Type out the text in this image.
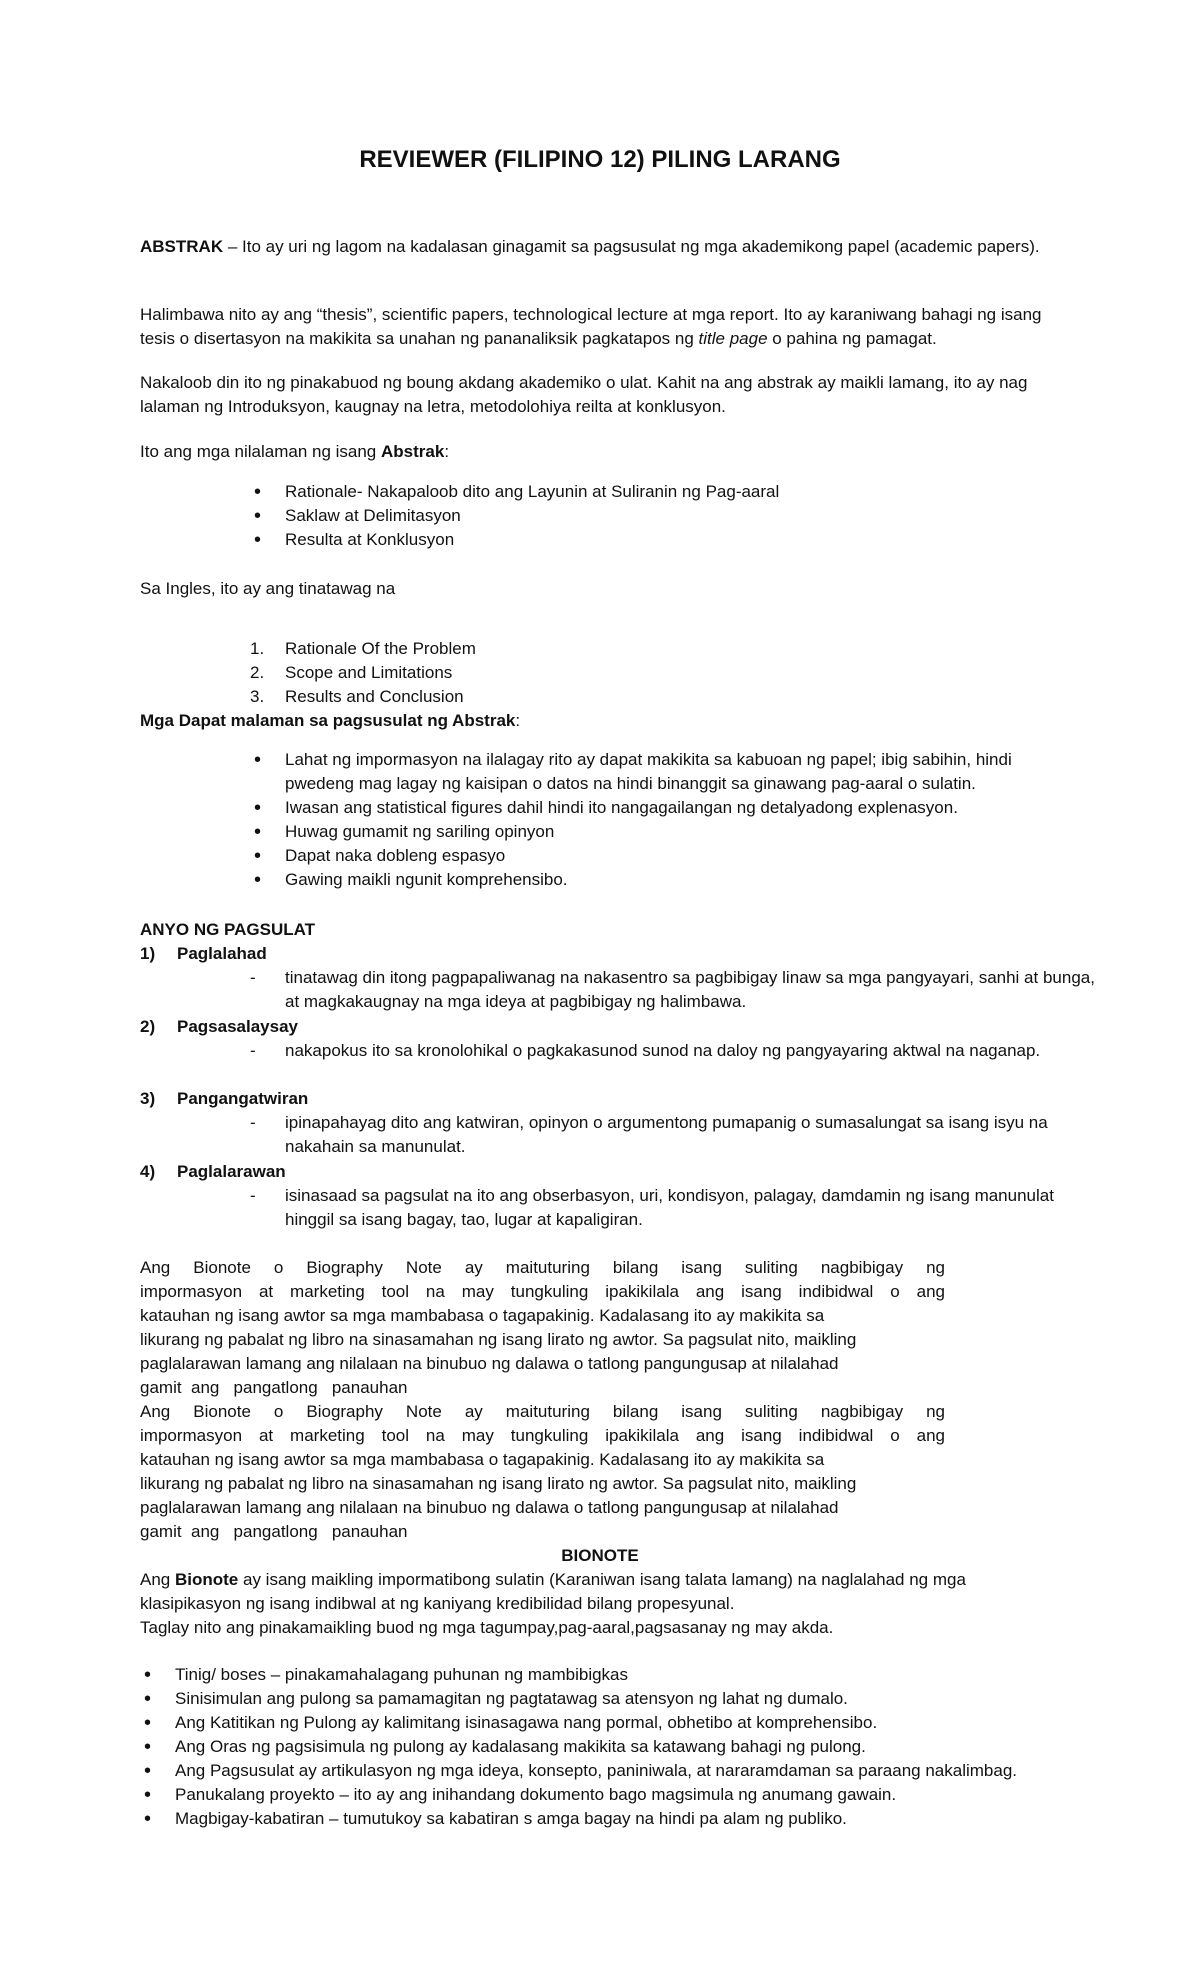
REVIEWER (FILIPINO 12) PILING LARANG

ABSTRAK – Ito ay uri ng lagom na kadalasan ginagamit sa pagsusulat ng mga akademikong papel (academic papers).

Halimbawa nito ay ang “thesis”, scientific papers, technological lecture at mga report. Ito ay karaniwang bahagi ng isang tesis o disertasyon na makikita sa unahan ng pananaliksik pagkatapos ng title page o pahina ng pamagat.

Nakaloob din ito ng pinakabuod ng boung akdang akademiko o ulat. Kahit na ang abstrak ay maikli lamang, ito ay nag lalaman ng Introduksyon, kaugnay na letra, metodolohiya reilta at konklusyon.

Ito ang mga nilalaman ng isang Abstrak:

• Rationale- Nakapaloob dito ang Layunin at Suliranin ng Pag-aaral
• Saklaw at Delimitasyon
• Resulta at Konklusyon

Sa Ingles, ito ay ang tinatawag na

1. Rationale Of the Problem
2. Scope and Limitations
3. Results and Conclusion

Mga Dapat malaman sa pagsusulat ng Abstrak:

• Lahat ng impormasyon na ilalagay rito ay dapat makikita sa kabuoan ng papel; ibig sabihin, hindi pwedeng mag lagay ng kaisipan o datos na hindi binanggit sa ginawang pag-aaral o sulatin.
• Iwasan ang statistical figures dahil hindi ito nangagailangan ng detalyadong explenasyon.
• Huwag gumamit ng sariling opinyon
• Dapat naka dobleng espasyo
• Gawing maikli ngunit komprehensibo.

ANYO NG PAGSULAT

1) Paglalahad
- tinatawag din itong pagpapaliwanag na nakasentro sa pagbibigay linaw sa mga pangyayari, sanhi at bunga, at magkakaugnay na mga ideya at pagbibigay ng halimbawa.
2) Pagsasalaysay
- nakapokus ito sa kronolohikal o pagkakasunod sunod na daloy ng pangyayaring aktwal na naganap.
3) Pangangatwiran
- ipinapahayag dito ang katwiran, opinyon o argumentong pumapanig o sumasalungat sa isang isyu na nakahain sa manunulat.
4) Paglalarawan
- isinasaad sa pagsulat na ito ang obserbasyon, uri, kondisyon, palagay, damdamin ng isang manunulat hinggil sa isang bagay, tao, lugar at kapaligiran.
Ang Bionote o Biography Note ay maituturing bilang isang suliting nagbibigay ng
impormasyon at marketing tool na may tungkuling ipakikilala ang isang indibidwal o ang
katauhan ng isang awtor sa mga mambabasa o tagapakinig. Kadalasang ito ay makikita sa
likurang ng pabalat ng libro na sinasamahan ng isang lirato ng awtor. Sa pagsulat nito, maikling
paglalarawan lamang ang nilalaan na binubuo ng dalawa o tatlong pangungusap at nilalahad
gamit  ang   pangatlong   panauhan
Ang Bionote o Biography Note ay maituturing bilang isang suliting nagbibigay ng
impormasyon at marketing tool na may tungkuling ipakikilala ang isang indibidwal o ang
katauhan ng isang awtor sa mga mambabasa o tagapakinig. Kadalasang ito ay makikita sa
likurang ng pabalat ng libro na sinasamahan ng isang lirato ng awtor. Sa pagsulat nito, maikling
paglalarawan lamang ang nilalaan na binubuo ng dalawa o tatlong pangungusap at nilalahad
gamit  ang   pangatlong   panauhan

BIONOTE

Ang Bionote ay isang maikling impormatibong sulatin (Karaniwan isang talata lamang) na naglalahad ng mga klasipikasyon ng isang indibwal at ng kaniyang kredibilidad bilang propesyunal.

Taglay nito ang pinakamaikling buod ng mga tagumpay,pag-aaral,pagsasanay ng may akda.

• Tinig/ boses – pinakamahalagang puhunan ng mambibigkas
• Sinisimulan ang pulong sa pamamagitan ng pagtatawag sa atensyon ng lahat ng dumalo.
• Ang Katitikan ng Pulong ay kalimitang isinasagawa nang pormal, obhetibo at komprehensibo.
• Ang Oras ng pagsisimula ng pulong ay kadalasang makikita sa katawang bahagi ng pulong.
• Ang Pagsusulat ay artikulasyon ng mga ideya, konsepto, paniniwala, at nararamdaman sa paraang nakalimbag.
• Panukalang proyekto – ito ay ang inihandang dokumento bago magsimula ng anumang gawain.
• Magbigay-kabatiran – tumutukoy sa kabatiran s amga bagay na hindi pa alam ng publiko.
